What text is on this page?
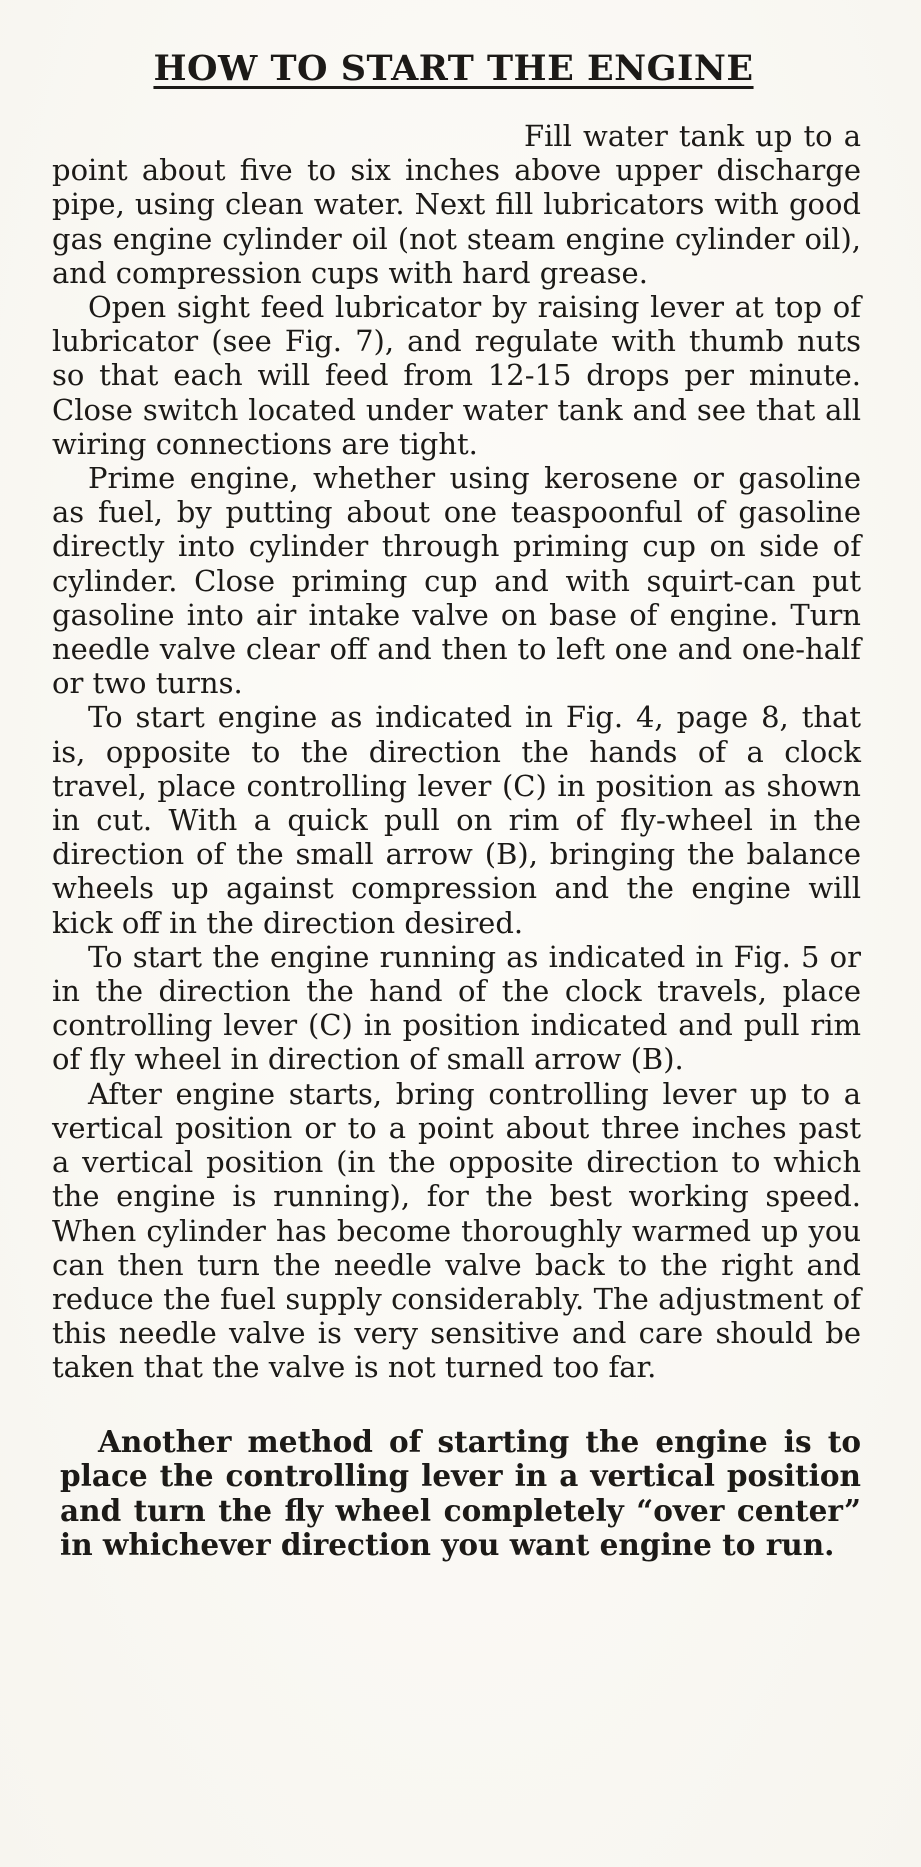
HOW TO START THE ENGINE

Fill water tank up to a point about five to six inches above upper discharge pipe, using clean water. Next fill lubricators with good gas engine cylinder oil (not steam engine cylinder oil), and compression cups with hard grease.

Open sight feed lubricator by raising lever at top of lubricator (see Fig. 7), and regulate with thumb nuts so that each will feed from 12-15 drops per minute. Close switch located under water tank and see that all wiring connections are tight.

Prime engine, whether using kerosene or gasoline as fuel, by putting about one teaspoonful of gasoline directly into cylinder through priming cup on side of cylinder. Close priming cup and with squirt-can put gasoline into air intake valve on base of engine. Turn needle valve clear off and then to left one and one-half or two turns.

To start engine as indicated in Fig. 4, page 8, that is, opposite to the direction the hands of a clock travel, place controlling lever (C) in position as shown in cut. With a quick pull on rim of fly-wheel in the direction of the small arrow (B), bringing the balance wheels up against compression and the engine will kick off in the direction desired.

To start the engine running as indicated in Fig. 5 or in the direction the hand of the clock travels, place controlling lever (C) in position indicated and pull rim of fly wheel in direction of small arrow (B).

After engine starts, bring controlling lever up to a vertical position or to a point about three inches past a vertical position (in the opposite direction to which the engine is running), for the best working speed. When cylinder has become thoroughly warmed up you can then turn the needle valve back to the right and reduce the fuel supply considerably. The adjustment of this needle valve is very sensitive and care should be taken that the valve is not turned too far.

Another method of starting the engine is to place the controlling lever in a vertical position and turn the fly wheel completely “over center” in whichever direction you want engine to run.
